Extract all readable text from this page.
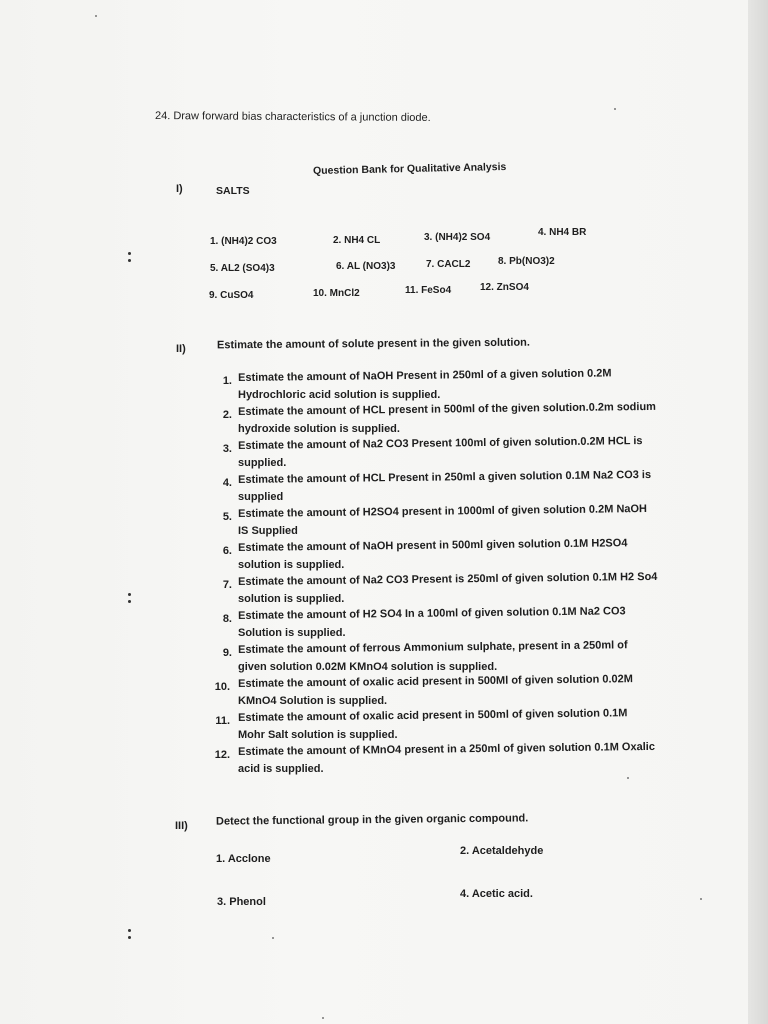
24. Draw forward bias characteristics of a junction diode.
Question Bank for Qualitative Analysis
I)	SALTS
1. (NH4)2 CO3	2. NH4 CL	3. (NH4)2 SO4	4. NH4 BR
5. AL2 (SO4)3	6. AL (NO3)3	7. CACL2	8. Pb(NO3)2
9. CuSO4	10. MnCl2	11. FeSo4	12. ZnSO4
II)	Estimate the amount of solute present in the given solution.
1. Estimate the amount of NaOH Present in 250ml of a given solution 0.2M
Hydrochloric acid solution is supplied.
2. Estimate the amount of HCL present in 500ml of the given solution.0.2m sodium
hydroxide solution is supplied.
3. Estimate the amount of Na2 CO3 Present 100ml of given solution.0.2M HCL is
supplied.
4. Estimate the amount of HCL Present in 250ml a given solution 0.1M Na2 CO3 is
supplied
5. Estimate the amount of H2SO4 present in 1000ml of given solution 0.2M NaOH
IS Supplied
6. Estimate the amount of NaOH present in 500ml given solution 0.1M H2SO4
solution is supplied.
7. Estimate the amount of Na2 CO3 Present is 250ml of given solution 0.1M H2 So4
solution is supplied.
8. Estimate the amount of H2 SO4 In a 100ml of given solution 0.1M Na2 CO3
Solution is supplied.
9. Estimate the amount of ferrous Ammonium sulphate, present in a 250ml of
given solution 0.02M KMnO4 solution is supplied.
10. Estimate the amount of oxalic acid present in 500Ml of given solution 0.02M
KMnO4 Solution is supplied.
11. Estimate the amount of oxalic acid present in 500ml of given solution 0.1M
Mohr Salt solution is supplied.
12. Estimate the amount of KMnO4 present in a 250ml of given solution 0.1M Oxalic
acid is supplied.
III)	Detect the functional group in the given organic compound.
1. Acclone
2. Acetaldehyde
3. Phenol
4. Acetic acid.
